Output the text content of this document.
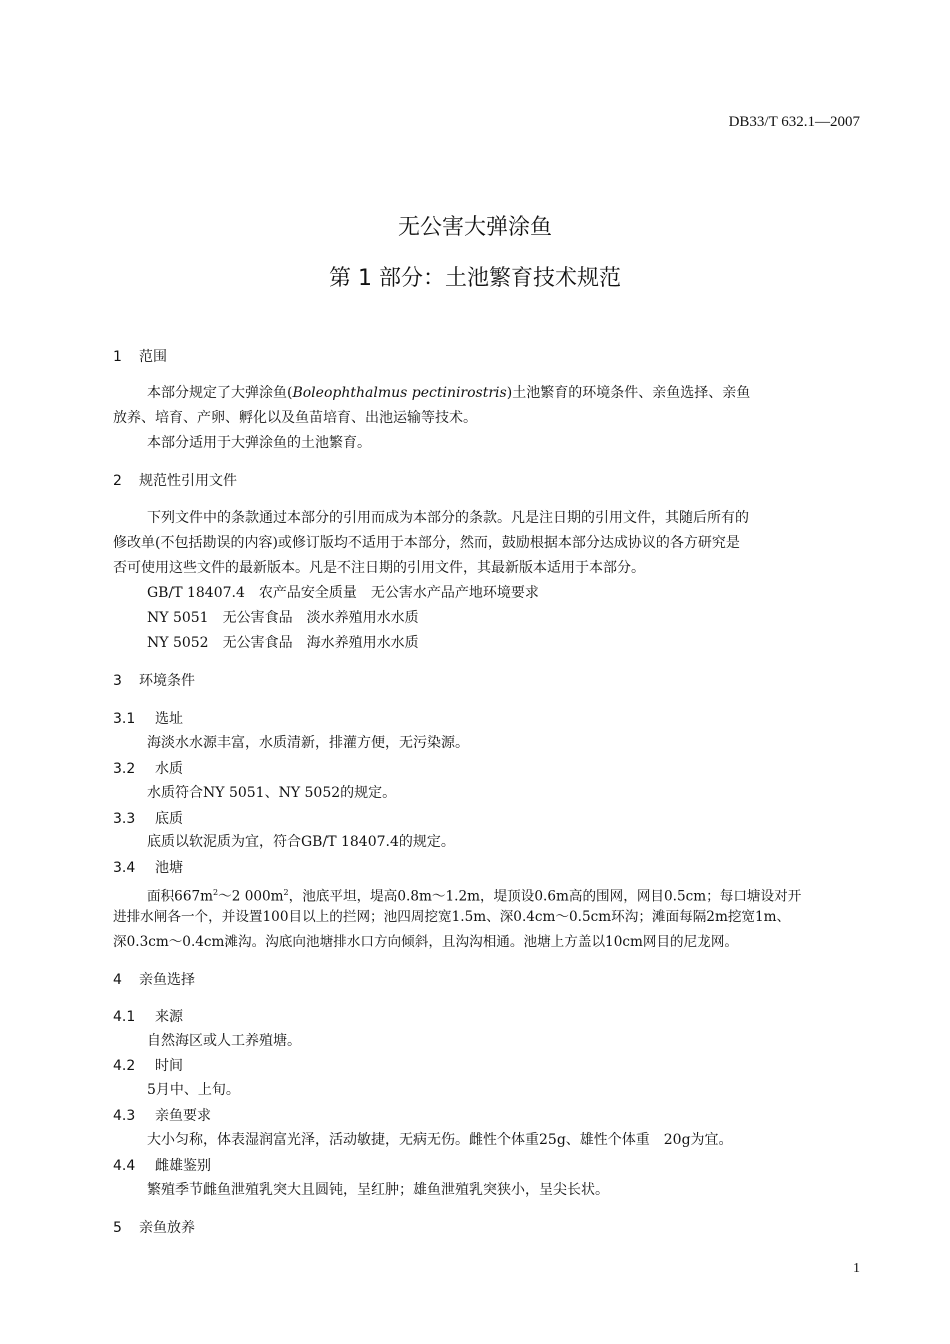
DB33/T 632.1—2007
无公害大弹涂鱼
第 1 部分：土池繁育技术规范
1 范围
本部分规定了大弹涂鱼(Boleophthalmus pectinirostris)土池繁育的环境条件、亲鱼选择、亲鱼
放养、培育、产卵、孵化以及鱼苗培育、出池运输等技术。
本部分适用于大弹涂鱼的土池繁育。
2 规范性引用文件
下列文件中的条款通过本部分的引用而成为本部分的条款。凡是注日期的引用文件，其随后所有的
修改单(不包括勘误的内容)或修订版均不适用于本部分，然而，鼓励根据本部分达成协议的各方研究是
否可使用这些文件的最新版本。凡是不注日期的引用文件，其最新版本适用于本部分。
GB/T 18407.4　农产品安全质量　无公害水产品产地环境要求
NY 5051　无公害食品　淡水养殖用水水质
NY 5052　无公害食品　海水养殖用水水质
3 环境条件
3.1 选址
海淡水水源丰富，水质清新，排灌方便，无污染源。
3.2 水质
水质符合NY 5051、NY 5052的规定。
3.3 底质
底质以软泥质为宜，符合GB/T 18407.4的规定。
3.4 池塘
面积$667m^2\sim 2$ $000m^2$，池底平坦，堤高0.8m～1.2m，堤顶设0.6m高的围网，网目0.5cm；每口塘设对开
进排水闸各一个，并设置100目以上的拦网；池四周挖宽1.5m、深0.4cm～0.5cm环沟；滩面每隔2m挖宽1m、
深0.3cm～0.4cm滩沟。沟底向池塘排水口方向倾斜，且沟沟相通。池塘上方盖以10cm网目的尼龙网。
4 亲鱼选择
4.1 来源
自然海区或人工养殖塘。
4.2 时间
5月中、上旬。
4.3 亲鱼要求
大小匀称，体表湿润富光泽，活动敏捷，无病无伤。雌性个体重25g、雄性个体重　20g为宜。
4.4 雌雄鉴别
繁殖季节雌鱼泄殖乳突大且圆钝，呈红肿；雄鱼泄殖乳突狭小，呈尖长状。
5 亲鱼放养
1
